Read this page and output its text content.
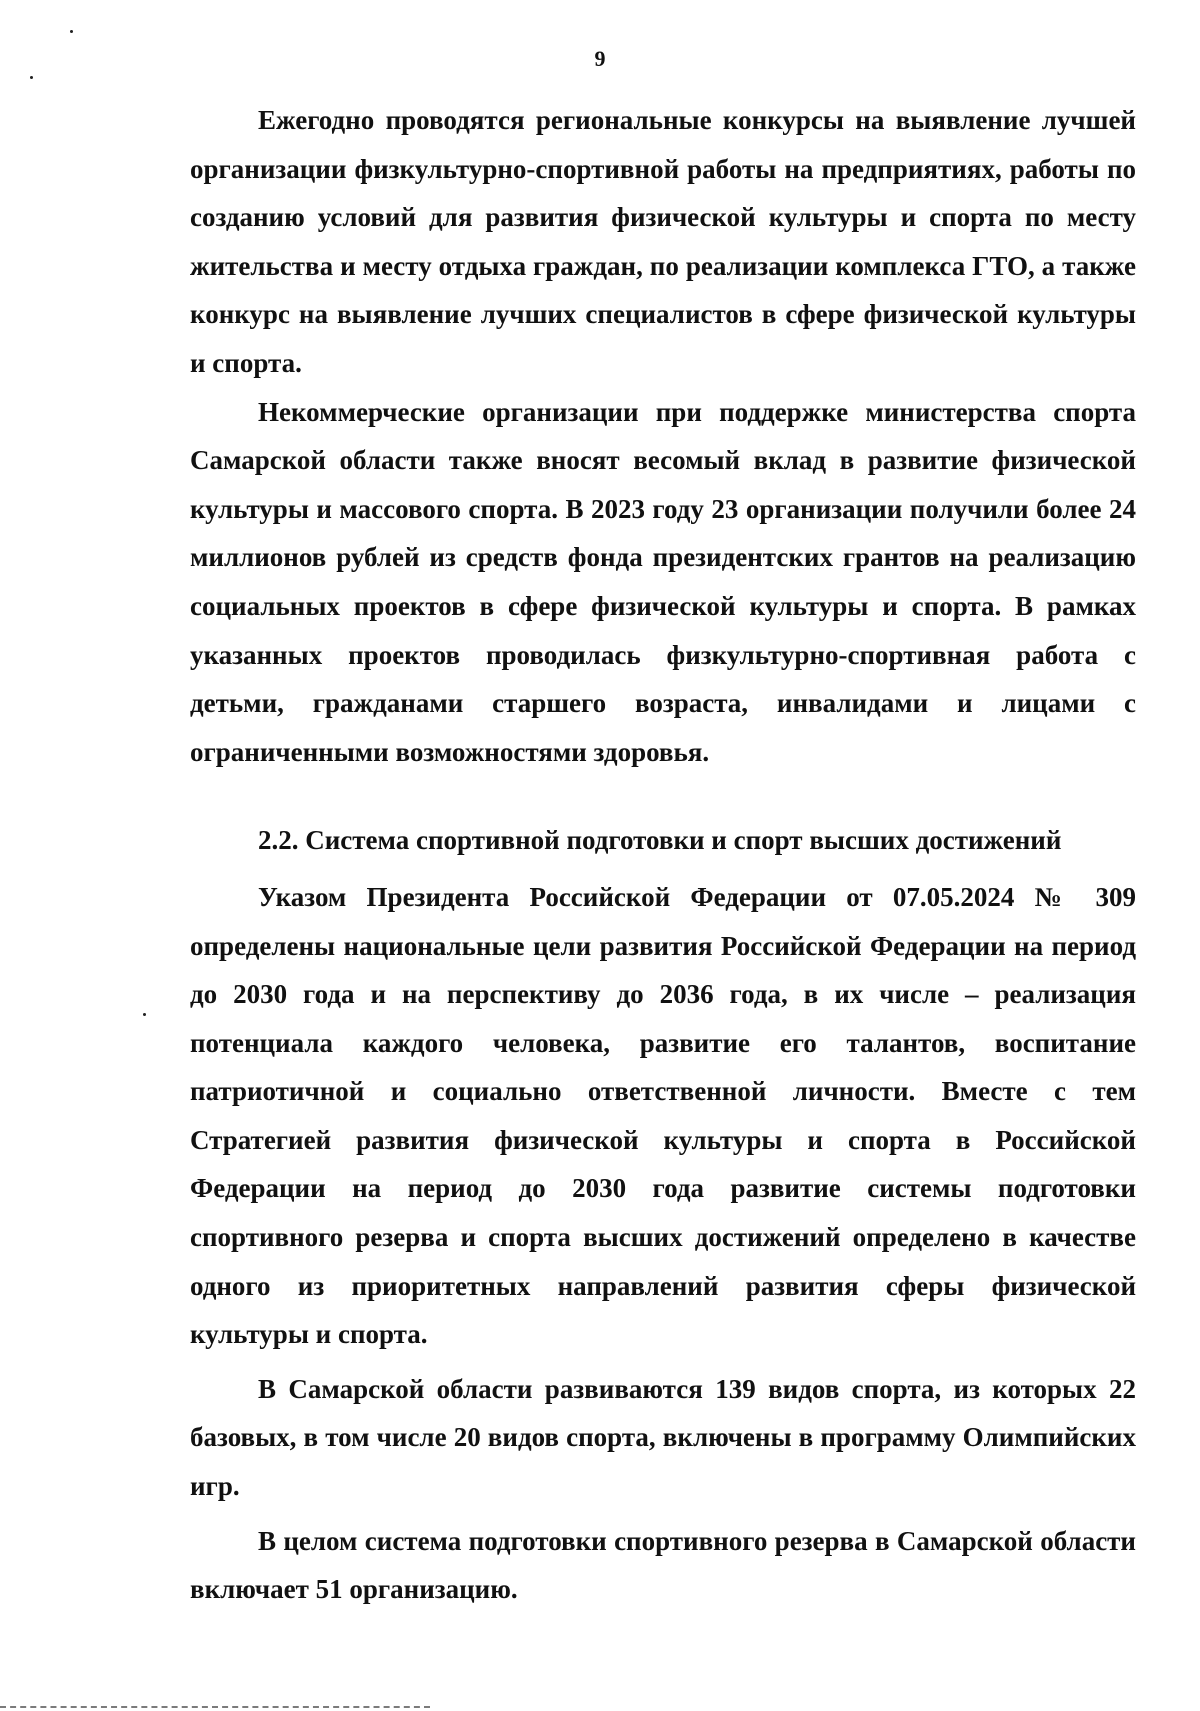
9

Ежегодно проводятся региональные конкурсы на выявление лучшей организации физкультурно-спортивной работы на предприятиях, работы по созданию условий для развития физической культуры и спорта по месту жительства и месту отдыха граждан, по реализации комплекса ГТО, а также конкурс на выявление лучших специалистов в сфере физической культуры и спорта.

Некоммерческие организации при поддержке министерства спорта Самарской области также вносят весомый вклад в развитие физической культуры и массового спорта. В 2023 году 23 организации получили более 24 миллионов рублей из средств фонда президентских грантов на реализацию социальных проектов в сфере физической культуры и спорта. В рамках указанных проектов проводилась физкультурно-спортивная работа с детьми, гражданами старшего возраста, инвалидами и лицами с ограниченными возможностями здоровья.

2.2. Система спортивной подготовки и спорт высших достижений

Указом Президента Российской Федерации от 07.05.2024 № 309 определены национальные цели развития Российской Федерации на период до 2030 года и на перспективу до 2036 года, в их числе – реализация потенциала каждого человека, развитие его талантов, воспитание патриотичной и социально ответственной личности. Вместе с тем Стратегией развития физической культуры и спорта в Российской Федерации на период до 2030 года развитие системы подготовки спортивного резерва и спорта высших достижений определено в качестве одного из приоритетных направлений развития сферы физической культуры и спорта.

В Самарской области развиваются 139 видов спорта, из которых 22 базовых, в том числе 20 видов спорта, включены в программу Олимпийских игр.

В целом система подготовки спортивного резерва в Самарской области включает 51 организацию.
